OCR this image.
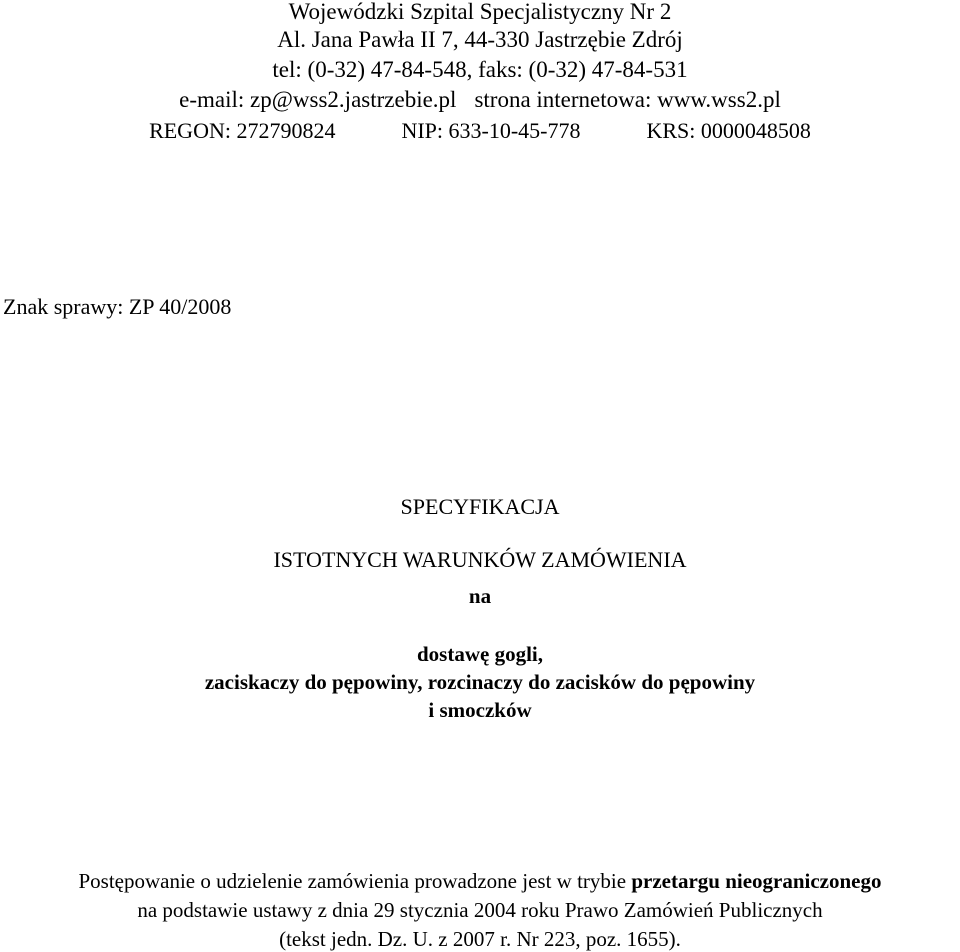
Wojewódzki Szpital Specjalistyczny Nr 2
Al. Jana Pawła II 7, 44-330 Jastrzębie Zdrój
tel: (0-32) 47-84-548, faks: (0-32) 47-84-531
e-mail: zp@wss2.jastrzebie.pl strona internetowa: www.wss2.pl
REGON: 272790824	NIP: 633-10-45-778	KRS: 0000048508
Znak sprawy: ZP 40/2008
SPECYFIKACJA
ISTOTNYCH WARUNKÓW ZAMÓWIENIA
na
dostawę gogli,
zaciskaczy do pępowiny, rozcinaczy do zacisków do pępowiny
i smoczków
Postępowanie o udzielenie zamówienia prowadzone jest w trybie przetargu nieograniczonego
na podstawie ustawy z dnia 29 stycznia 2004 roku Prawo Zamówień Publicznych
(tekst jedn. Dz. U. z 2007 r. Nr 223, poz. 1655).
